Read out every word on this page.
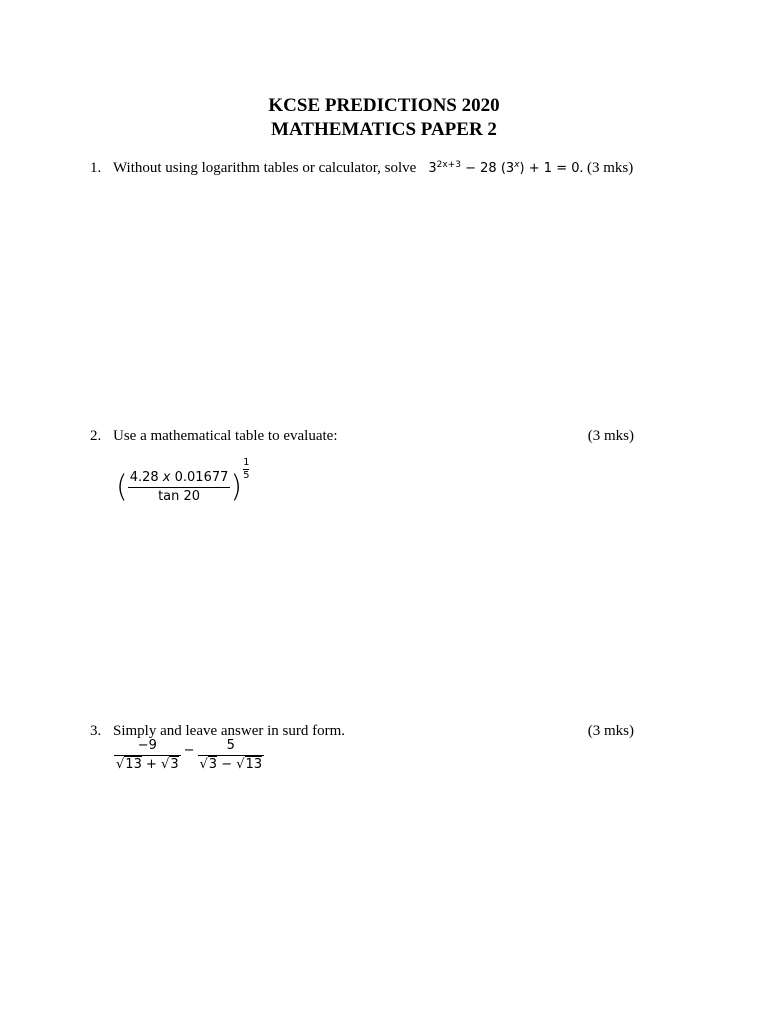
KCSE PREDICTIONS 2020
MATHEMATICS PAPER 2
1. Without using logarithm tables or calculator, solve $3^{2x+3} - 28$ $(3^x) + 1 = 0$. (3 mks)
2. Use a mathematical table to evaluate:	(3 mks)
( $\frac{4.28 x 0.01677}{\tan 20}$ ) $\frac{1}{5}$
3. Simply and leave answer in surd form.	(3 mks)
$\frac{-9}{√13 + √3} - \frac{5}{√3 - √13}$
